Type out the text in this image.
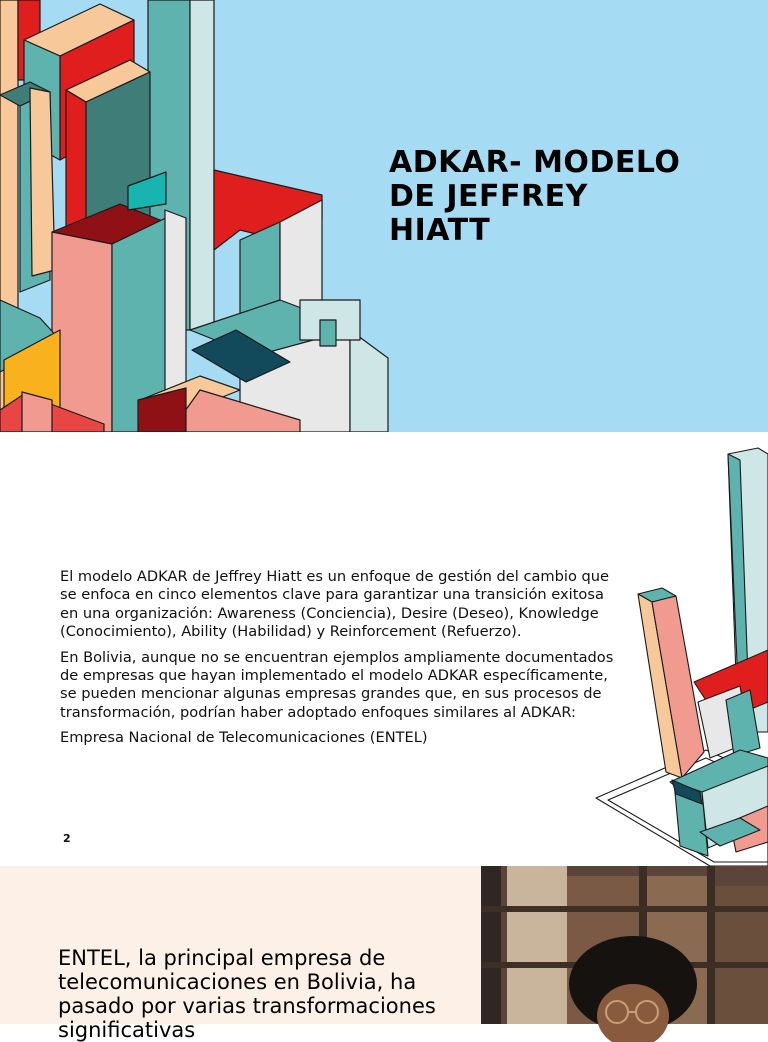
ADKAR- MODELO
DE JEFFREY
HIATT

El modelo ADKAR de Jeffrey Hiatt es un enfoque de gestión del cambio que se enfoca en cinco elementos clave para garantizar una transición exitosa en una organización: Awareness (Conciencia), Desire (Deseo), Knowledge (Conocimiento), Ability (Habilidad) y Reinforcement (Refuerzo).

En Bolivia, aunque no se encuentran ejemplos ampliamente documentados de empresas que hayan implementado el modelo ADKAR específicamente, se pueden mencionar algunas empresas grandes que, en sus procesos de transformación, podrían haber adoptado enfoques similares al ADKAR:

Empresa Nacional de Telecomunicaciones (ENTEL)

2

ENTEL, la principal empresa de telecomunicaciones en Bolivia, ha pasado por varias transformaciones significativas
